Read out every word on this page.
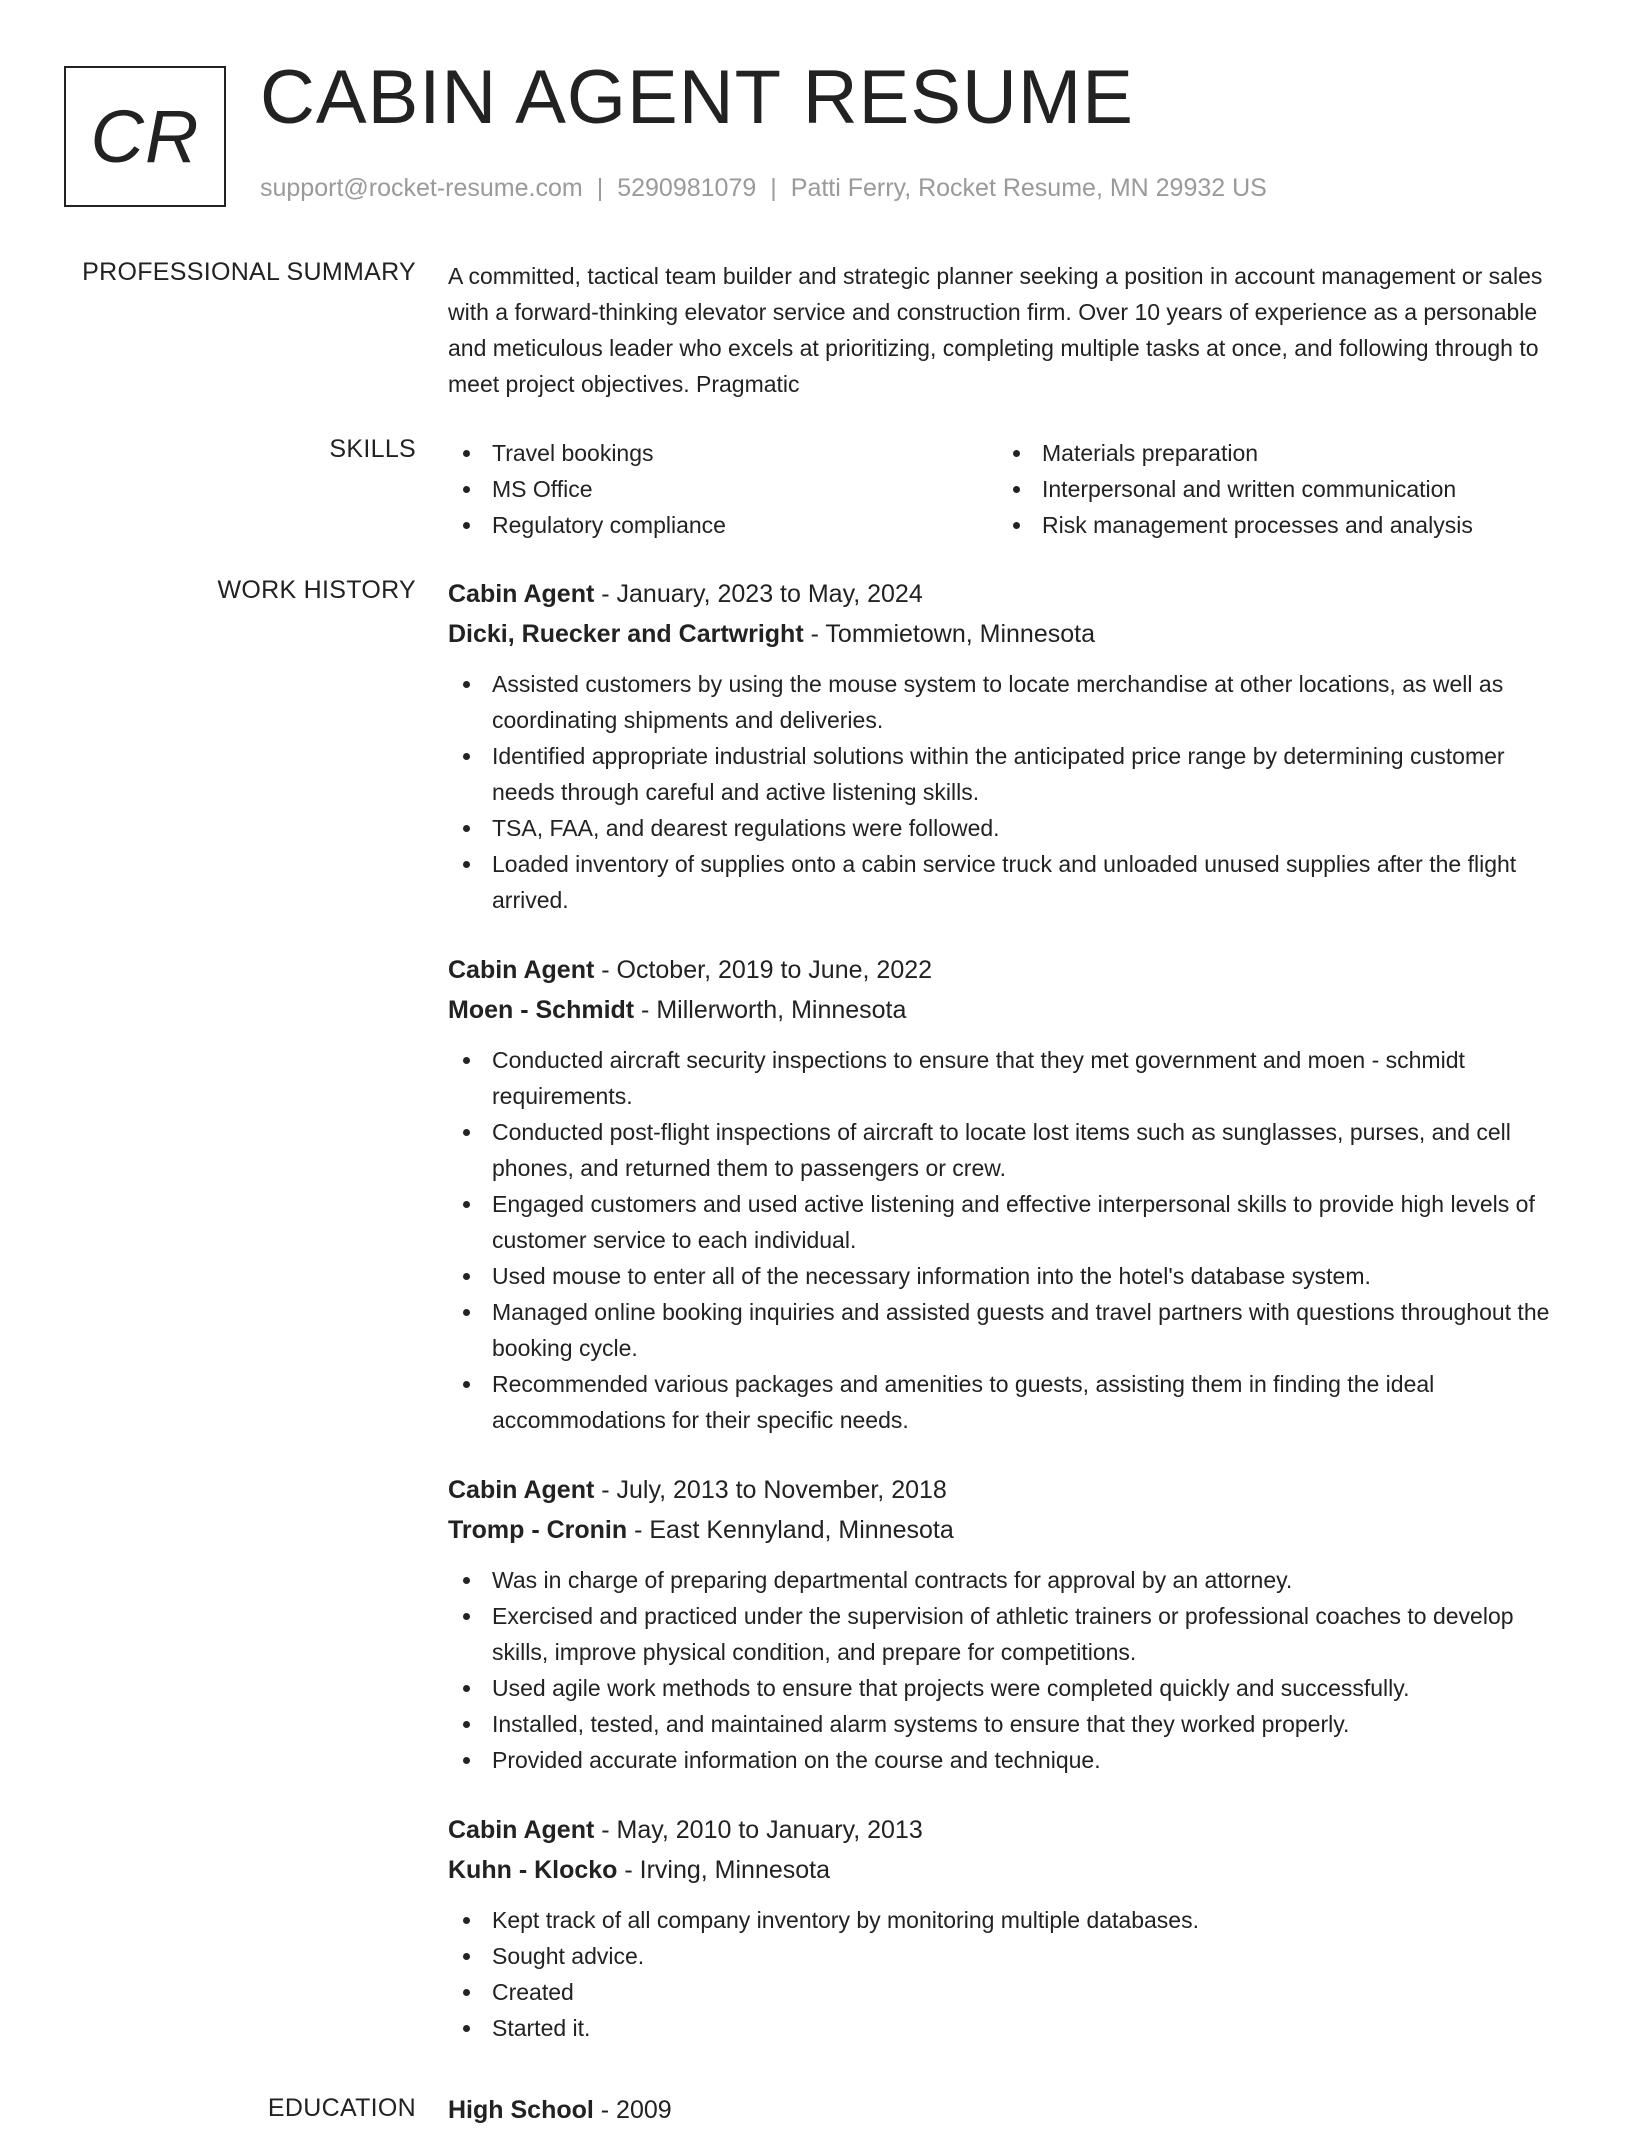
CR CABIN AGENT RESUME
support@rocket-resume.com | 5290981079 | Patti Ferry, Rocket Resume, MN 29932 US
PROFESSIONAL SUMMARY A committed, tactical team builder and strategic planner seeking a position in account management or sales with a forward-thinking elevator service and construction firm. Over 10 years of experience as a personable and meticulous leader who excels at prioritizing, completing multiple tasks at once, and following through to meet project objectives. Pragmatic

SKILLS	Travel bookings	Materials preparation
MS Office	Interpersonal and written communication
Regulatory compliance	Risk management processes and analysis
WORK HISTORY Cabin Agent - January, 2023 to May, 2024
Dicki, Ruecker and Cartwright - Tommietown, Minnesota
Assisted customers by using the mouse system to locate merchandise at other locations, as well as coordinating shipments and deliveries.
Identified appropriate industrial solutions within the anticipated price range by determining customer needs through careful and active listening skills.
TSA, FAA, and dearest regulations were followed.
Loaded inventory of supplies onto a cabin service truck and unloaded unused supplies after the flight arrived.
Cabin Agent - October, 2019 to June, 2022
Moen - Schmidt - Millerworth, Minnesota
Conducted aircraft security inspections to ensure that they met government and moen - schmidt requirements.
Conducted post-flight inspections of aircraft to locate lost items such as sunglasses, purses, and cell phones, and returned them to passengers or crew.
Engaged customers and used active listening and effective interpersonal skills to provide high levels of customer service to each individual.
Used mouse to enter all of the necessary information into the hotel's database system.
Managed online booking inquiries and assisted guests and travel partners with questions throughout the booking cycle.
Recommended various packages and amenities to guests, assisting them in finding the ideal accommodations for their specific needs.
Cabin Agent - July, 2013 to November, 2018
Tromp - Cronin - East Kennyland, Minnesota
Was in charge of preparing departmental contracts for approval by an attorney.
Exercised and practiced under the supervision of athletic trainers or professional coaches to develop skills, improve physical condition, and prepare for competitions.
Used agile work methods to ensure that projects were completed quickly and successfully.
Installed, tested, and maintained alarm systems to ensure that they worked properly.
Provided accurate information on the course and technique.
Cabin Agent - May, 2010 to January, 2013
Kuhn - Klocko - Irving, Minnesota
Kept track of all company inventory by monitoring multiple databases.
Sought advice.
Created
Started it.
EDUCATION High School - 2009
